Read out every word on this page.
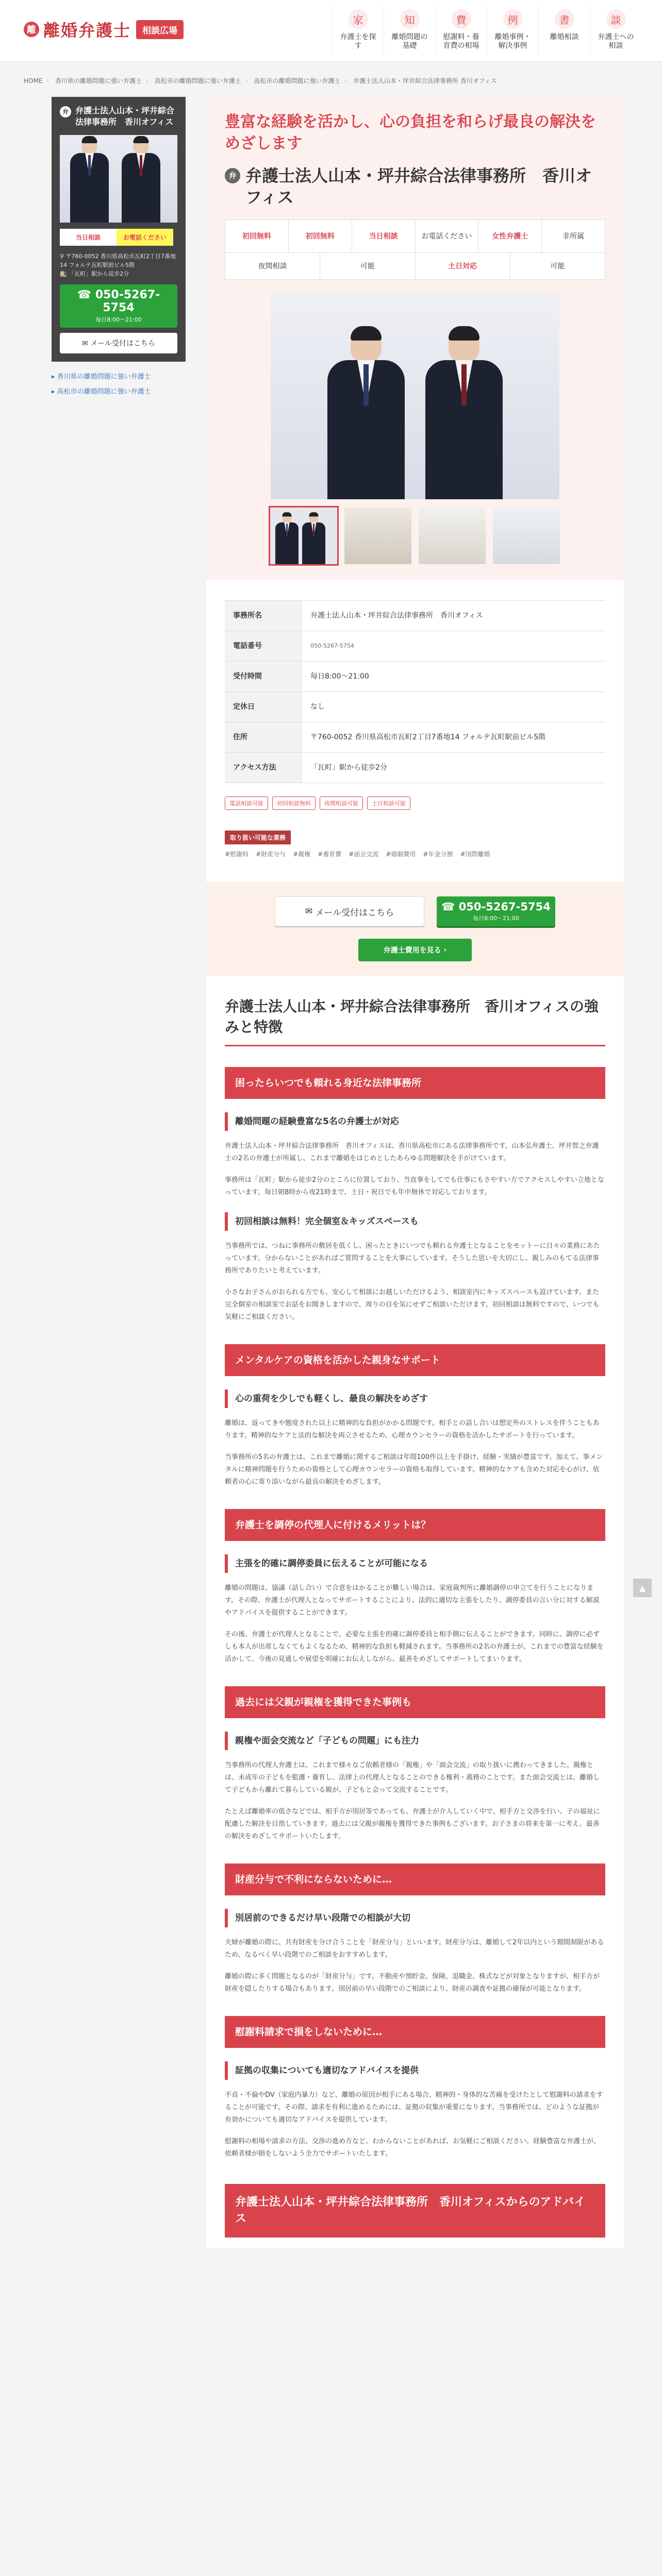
離 離婚弁護士	相談広場
家
弁護士を探す
知
離婚問題の基礎
費
慰謝料・養育費の相場
例
離婚事例・解決事例
書
離婚相談
談
弁護士への相談
HOME › 香川県の離婚問題に強い弁護士 › 高松市の離婚問題に強い弁護士 › 高松市の離婚問題に強い弁護士 › 弁護士法人山本・坪井綜合法律事務所 香川オフィス
弁 弁護士法人山本・坪井綜合法律事務所　香川オフィス
当日相談	お電話ください
⚲ 〒760-0052 香川県高松市瓦町2丁目7番地14 フォルテ瓦町駅前ビル5階
🚉 「瓦町」駅から徒歩2分
☎ 050-5267-5754
毎日8:00〜21:00
✉ メール受付はこちら
▸ 香川県の離婚問題に強い弁護士
▸ 高松市の離婚問題に強い弁護士
豊富な経験を活かし、心の負担を和らげ最良の解決をめざします
弁 弁護士法人山本・坪井綜合法律事務所　香川オフィス
初回無料	初回無料	当日相談	お電話ください	女性弁護士	非所属
夜間相談	可能	土日対応	可能
事務所名	弁護士法人山本・坪井綜合法律事務所　香川オフィス
電話番号	050-5267-5754
受付時間	毎日8:00〜21:00
定休日	なし
住所	〒760-0052 香川県高松市瓦町2丁目7番地14 フォルテ瓦町駅前ビル5階
アクセス方法	「瓦町」駅から徒歩2分
電話相談可能	初回相談無料	夜間相談可能	土日相談可能
取り扱い可能な業務
#慰謝料 #財産分与 #親権 #養育費 #面会交流 #婚姻費用 #年金分割 #国際離婚
✉ メール受付はこちら	☎ 050-5267-5754
毎日8:00〜21:00
弁護士費用を見る
›
弁護士法人山本・坪井綜合法律事務所　香川オフィスの強みと特徴
困ったらいつでも頼れる身近な法律事務所
離婚問題の経験豊富な5名の弁護士が対応

弁護士法人山本・坪井綜合法律事務所　香川オフィスは、香川県高松市にある法律事務所です。山本弘弁護士、坪井智之弁護士の2名の弁護士が所属し、これまで離婚をはじめとしたあらゆる問題解決を手がけています。

事務所は「瓦町」駅から徒歩2分のところに位置しており、当直事をしてでも仕事にもさやすい方でアクセスしやすい立地となっています。毎日朝8時から夜21時まで、土日・祝日でも年中無休で対応しております。

初回相談は無料！完全個室＆キッズスペースも

当事務所では、つねに事務所の敷居を低くし、困ったときにいつでも頼れる弁護士となることをモットーに日々の業務にあたっています。分からないことがあればご質問することを大事にしています。そうした思いを大切にし、親しみのもてる法律事務所でありたいと考えています。

小さなお子さんがおられる方でも、安心して相談にお越しいただけるよう、相談室内にキッズスペースも設けています。また完全個室の相談室でお話をお聞きしますので、周りの目を気にせずご相談いただけます。初回相談は無料ですので、いつでも気軽にご相談ください。

メンタルケアの資格を活かした親身なサポート
心の重荷を少しでも軽くし、最良の解決をめざす

離婚は、返ってきや態度された以上に精神的な負担がかかる問題です。相手との話し合いは想定外のストレスを伴うこともあります。精神的なケアと法的な解決を両立させるため、心理カウンセラーの資格を活かしたサポートを行っています。

当事務所の5名の弁護士は、これまで離婚に関するご相談は年間100件以上を手掛け、経験・実績が豊富です。加えて、事メンタルに精神問題を行うための資格として心理カウンセラーの資格も取得しています。精神的なケアも含めた対応を心がけ、依頼者の心に寄り添いながら最良の解決をめざします。

弁護士を調停の代理人に付けるメリットは？
主張を的確に調停委員に伝えることが可能になる

離婚の問題は、協議（話し合い）で合意をはかることが難しい場合は、家庭裁判所に離婚調停の申立てを行うことになります。その際、弁護士が代理人となってサポートすることにより、法的に適切な主張をしたり、調停委員の言い分に対する解説やアドバイスを提供することができます。

その後、弁護士が代理人となることで、必要な主張を的確に調停委員と相手側に伝えることができます。同時に、調停に必ずしも本人が出席しなくてもよくなるため、精神的な負担も軽減されます。当事務所の2名の弁護士が、これまでの豊富な経験を活かして、今後の見通しや展望を明確にお伝えしながら、最善をめざしてサポートしてまいります。

過去には父親が親権を獲得できた事例も
親権や面会交流など「子どもの問題」にも注力

当事務所の代理人弁護士は、これまで様々なご依頼者様の「親権」や「面会交流」の取り扱いに携わってきました。親権とは、未成年の子どもを監護・養育し、法律上の代理人となることのできる権利・義務のことです。また面会交流とは、離婚して子どもから離れて暮らしている親が、子どもと会って交流することです。

たとえば離婚率の低さなどでは、相手方が別居等であっても、弁護士が介入していく中で、相手方と交渉を行い、子の福祉に配慮した解決を目指していきます。過去には父親が親権を獲得できた事例もございます。お子さまの将来を第一に考え、最善の解決をめざしてサポートいたします。

財産分与で不利にならないために…
別居前のできるだけ早い段階での相談が大切

夫婦が離婚の際に、共有財産を分け合うことを「財産分与」といいます。財産分与は、離婚して2年以内という期間制限があるため、なるべく早い段階でのご相談をおすすめします。

離婚の際に多く問題となるのが「財産分与」です。不動産や預貯金、保険、退職金、株式などが対象となりますが、相手方が財産を隠したりする場合もあります。別居前の早い段階でのご相談により、財産の調査や証拠の確保が可能となります。

慰謝料請求で損をしないために…
証拠の収集についても適切なアドバイスを提供

不貞・不倫やDV（家庭内暴力）など、離婚の原因が相手にある場合、精神的・身体的な苦痛を受けたとして慰謝料の請求をすることが可能です。その際、請求を有利に進めるためには、証拠の収集が重要になります。当事務所では、どのような証拠が有効かについても適切なアドバイスを提供しています。

慰謝料の相場や請求の方法、交渉の進め方など、わからないことがあれば、お気軽にご相談ください。経験豊富な弁護士が、依頼者様が損をしないよう全力でサポートいたします。

弁護士法人山本・坪井綜合法律事務所　香川オフィスからのアドバイス
▲
